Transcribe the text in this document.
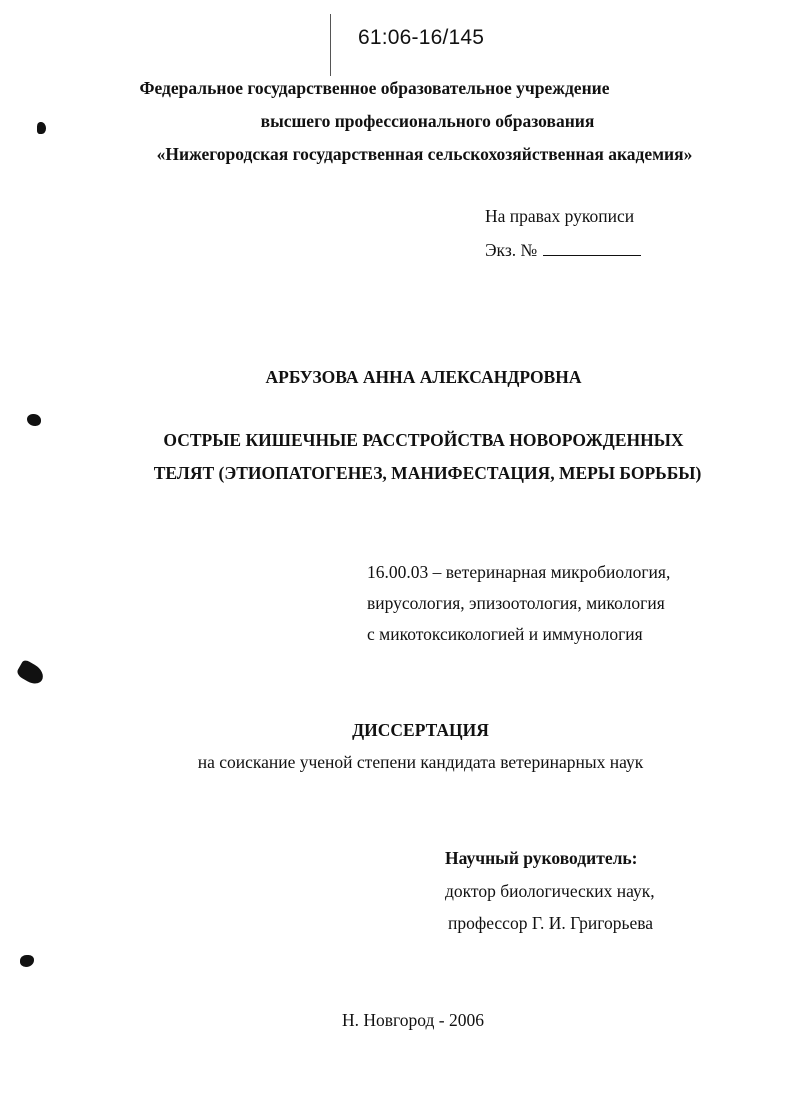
61:06-16/145
Федеральное государственное образовательное учреждение
высшего профессионального образования
«Нижегородская государственная сельскохозяйственная академия»
На правах рукописи
Экз. №
АРБУЗОВА АННА АЛЕКСАНДРОВНА
ОСТРЫЕ КИШЕЧНЫЕ РАССТРОЙСТВА НОВОРОЖДЕННЫХ
ТЕЛЯТ (ЭТИОПАТОГЕНЕЗ, МАНИФЕСТАЦИЯ, МЕРЫ БОРЬБЫ)
16.00.03 – ветеринарная микробиология,
вирусология, эпизоотология, микология
с микотоксикологией и иммунология
ДИССЕРТАЦИЯ
на соискание ученой степени кандидата ветеринарных наук
Научный руководитель:
доктор биологических наук,
профессор Г. И. Григорьева
Н. Новгород - 2006
